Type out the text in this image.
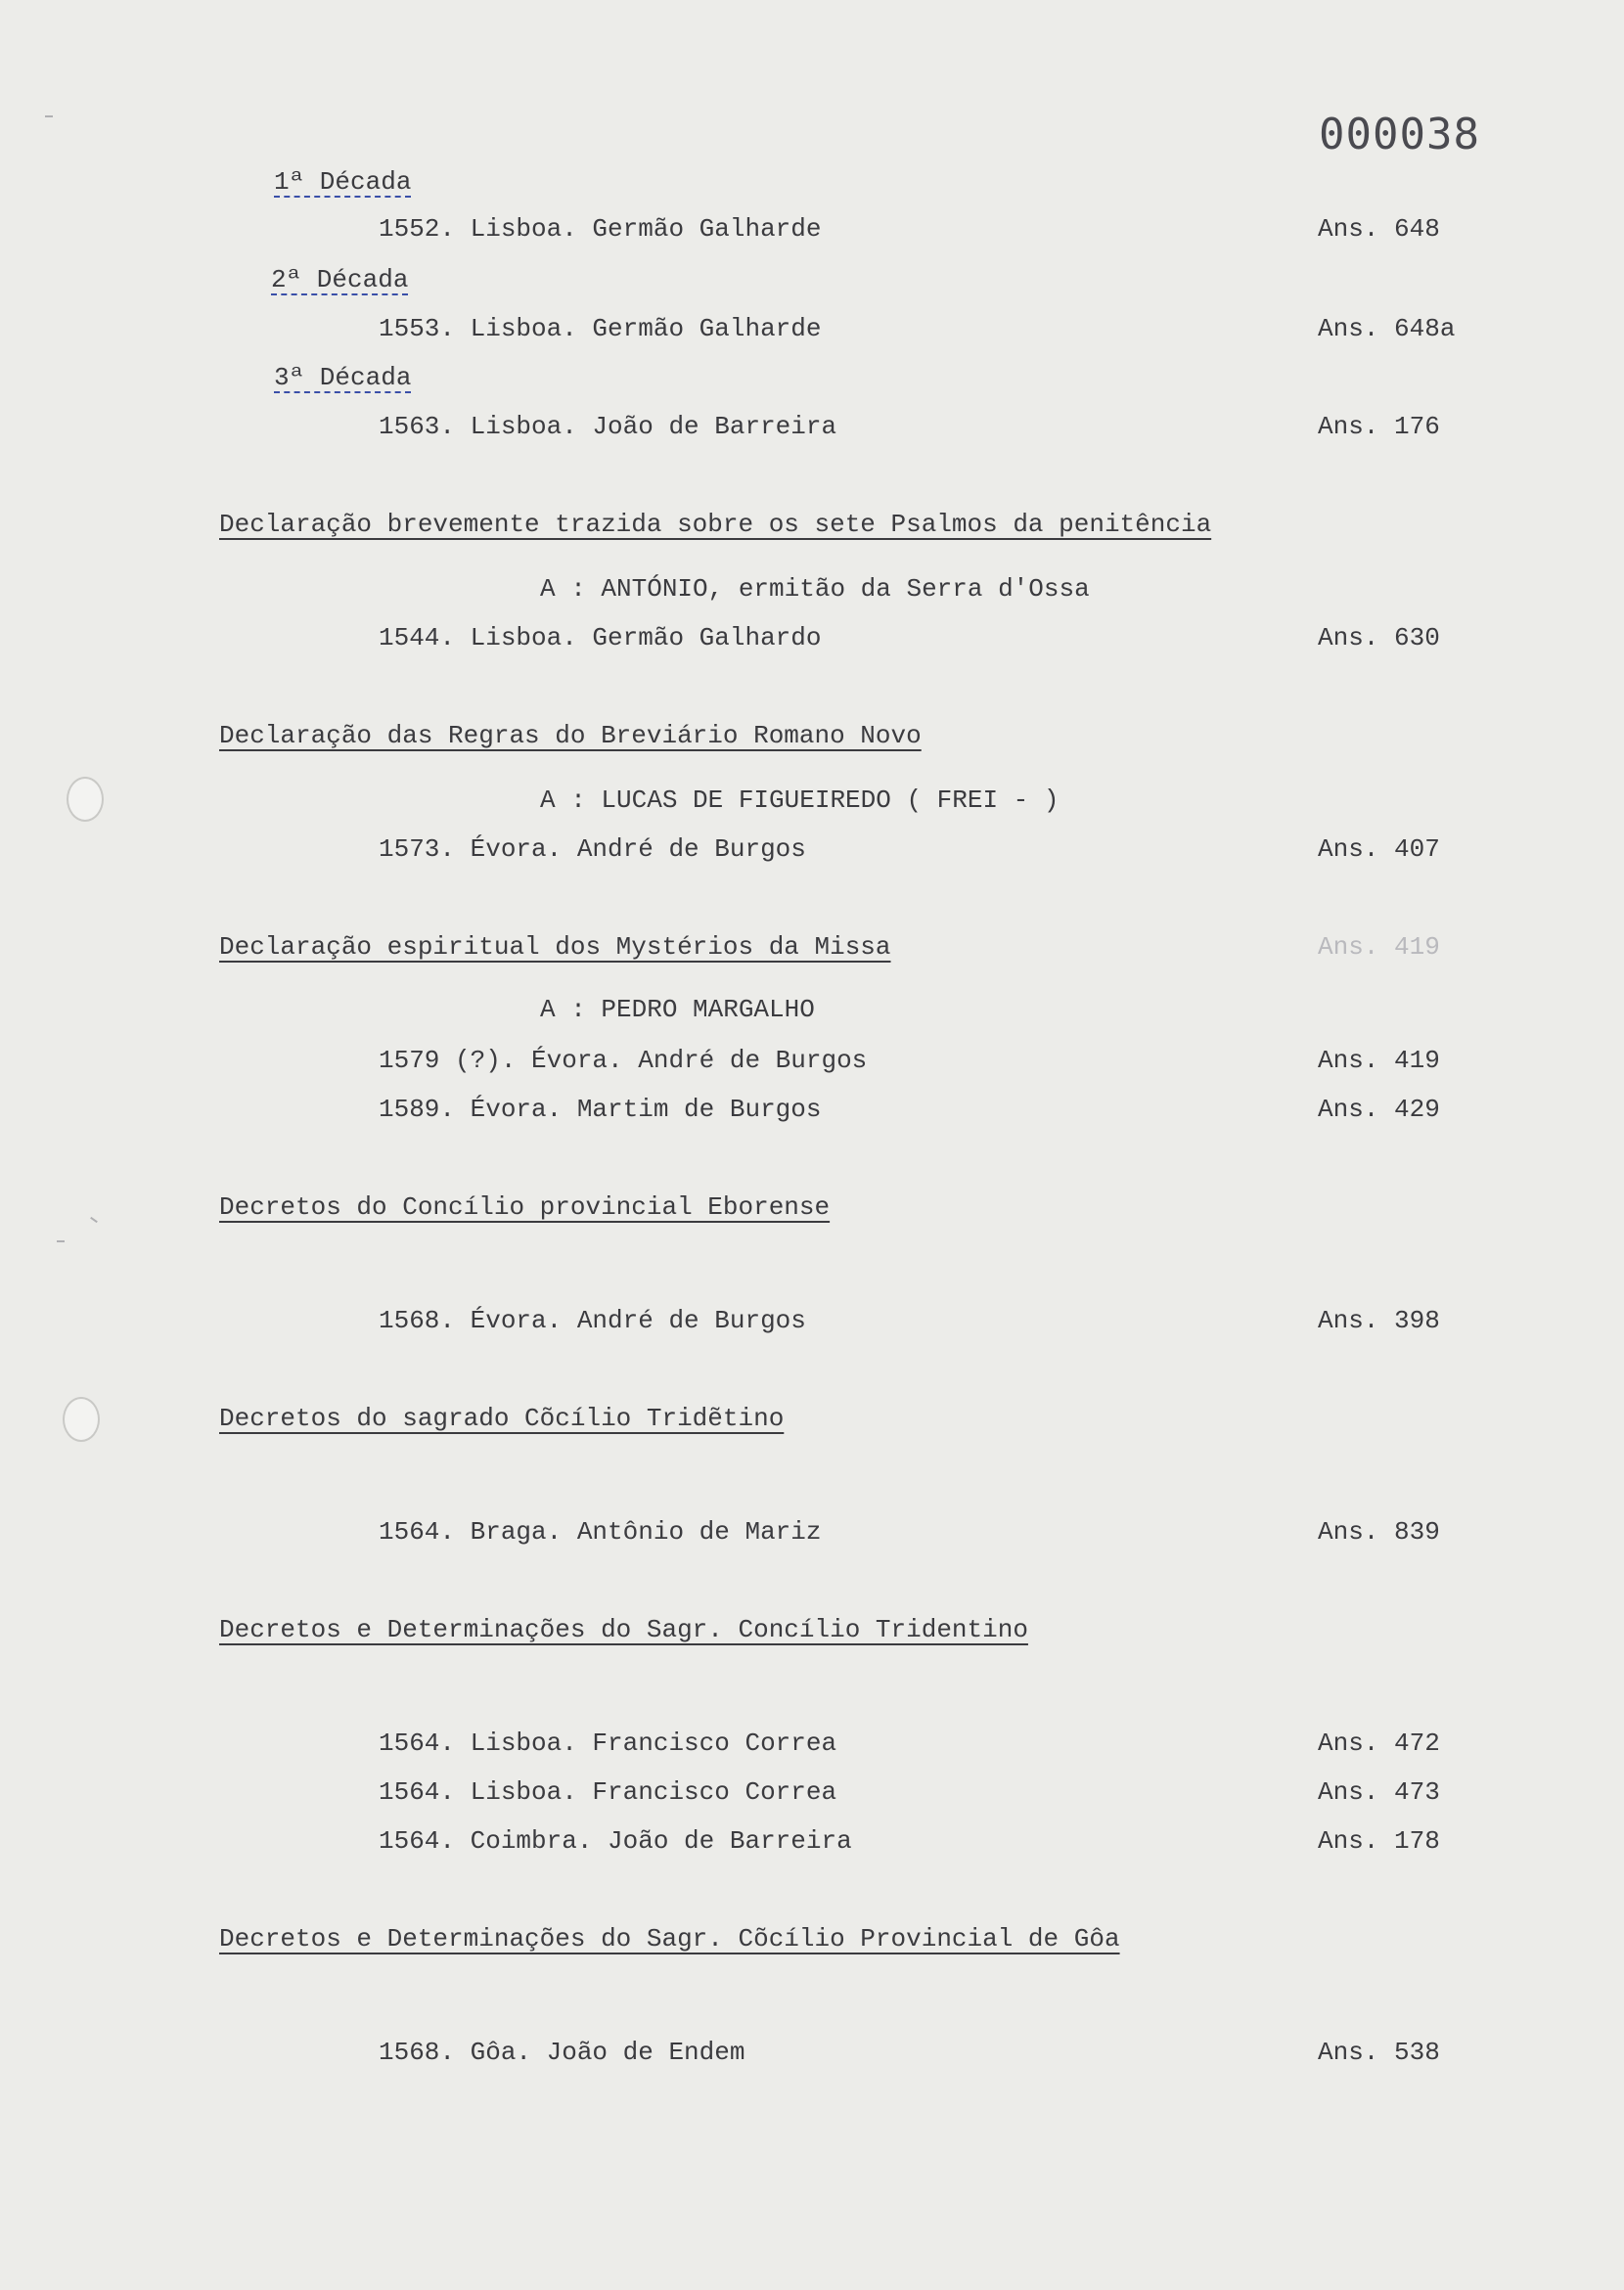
000038
1ª Década
1552. Lisboa. Germão Galharde	Ans. 648
2ª Década
1553. Lisboa. Germão Galharde	Ans. 648a
3ª Década
1563. Lisboa. João de Barreira	Ans. 176
Declaração brevemente trazida sobre os sete Psalmos da penitência
A : ANTÓNIO, ermitão da Serra d'Ossa
1544. Lisboa. Germão Galhardo	Ans. 630
Declaração das Regras do Breviário Romano Novo
A : LUCAS DE FIGUEIREDO ( FREI - )
1573. Évora. André de Burgos	Ans. 407
Declaração espiritual dos Mystérios da Missa	Ans. 419
A : PEDRO MARGALHO
1579 (?). Évora. André de Burgos	Ans. 419
1589. Évora. Martim de Burgos	Ans. 429
Decretos do Concílio provincial Eborense
1568. Évora. André de Burgos	Ans. 398
Decretos do sagrado Cõcílio Tridẽtino
1564. Braga. Antônio de Mariz	Ans. 839
Decretos e Determinações do Sagr. Concílio Tridentino
1564. Lisboa. Francisco Correa	Ans. 472
1564. Lisboa. Francisco Correa	Ans. 473
1564. Coimbra. João de Barreira	Ans. 178
Decretos e Determinações do Sagr. Cõcílio Provincial de Gôa
1568. Gôa. João de Endem	Ans. 538
